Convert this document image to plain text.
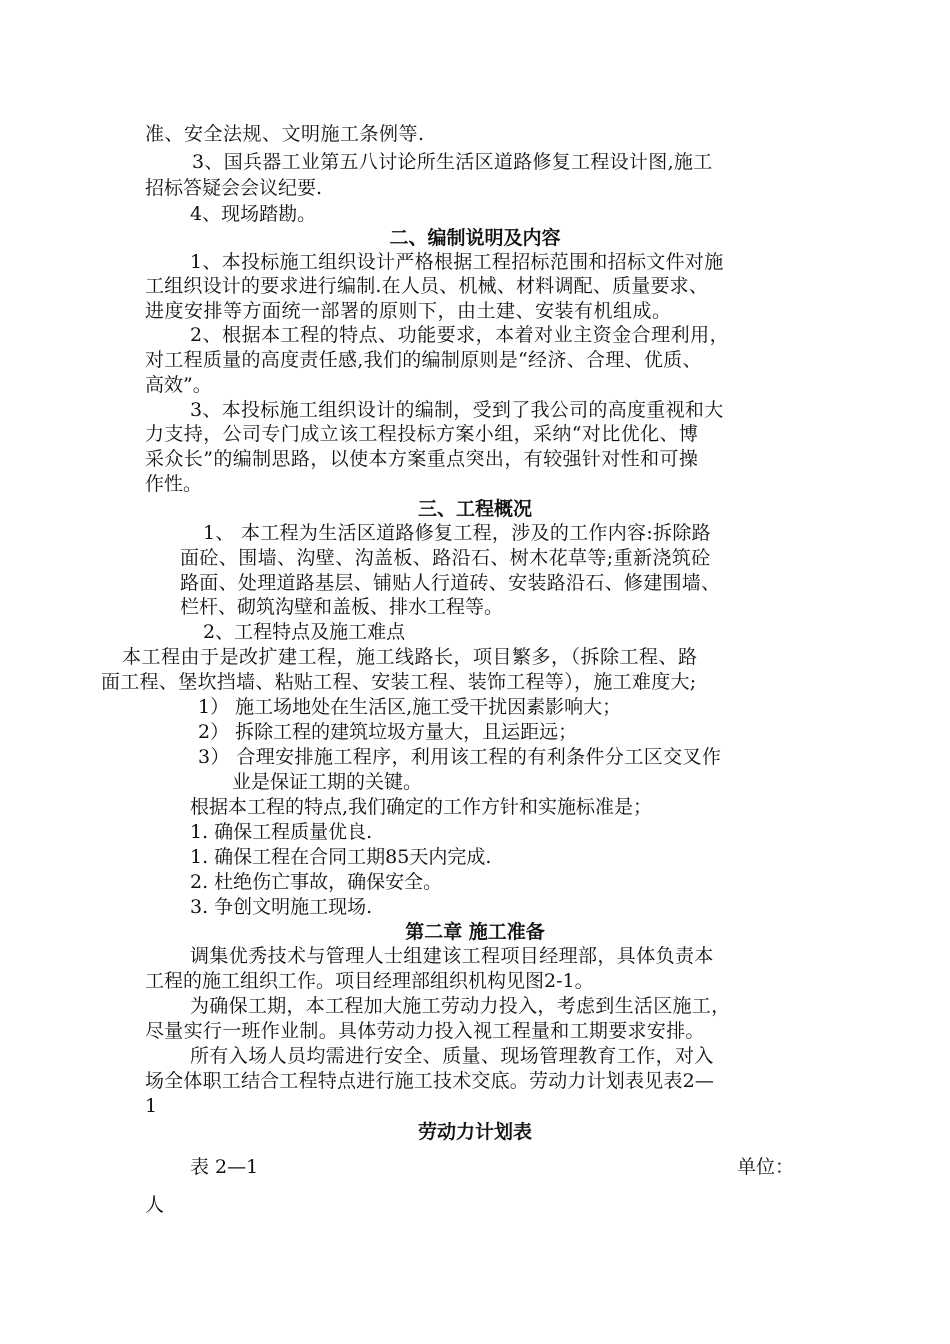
准、安全法规、文明施工条例等.
3、国兵器工业第五八讨论所生活区道路修复工程设计图,施工
招标答疑会会议纪要.
4、现场踏勘。
二、编制说明及内容
1、本投标施工组织设计严格根据工程招标范围和招标文件对施
工组织设计的要求进行编制.在人员、机械、材料调配、质量要求、
进度安排等方面统一部署的原则下，由土建、安装有机组成。
2、根据本工程的特点、功能要求，本着对业主资金合理利用，
对工程质量的高度责任感,我们的编制原则是“经济、合理、优质、
高效”。
3、本投标施工组织设计的编制，受到了我公司的高度重视和大
力支持，公司专门成立该工程投标方案小组，采纳“对比优化、博
采众长”的编制思路，以使本方案重点突出，有较强针对性和可操
作性。
三、工程概况
1、 本工程为生活区道路修复工程，涉及的工作内容:拆除路
面砼、围墙、沟壁、沟盖板、路沿石、树木花草等;重新浇筑砼
路面、处理道路基层、铺贴人行道砖、安装路沿石、修建围墙、
栏杆、砌筑沟壁和盖板、排水工程等。
2、工程特点及施工难点
本工程由于是改扩建工程，施工线路长，项目繁多，（拆除工程、路
面工程、堡坎挡墙、粘贴工程、安装工程、装饰工程等），施工难度大;
1） 施工场地处在生活区,施工受干扰因素影响大；
2） 拆除工程的建筑垃圾方量大，且运距远；
3） 合理安排施工程序，利用该工程的有利条件分工区交叉作
业是保证工期的关键。
根据本工程的特点,我们确定的工作方针和实施标准是；
1. 确保工程质量优良.
1. 确保工程在合同工期85天内完成.
2. 杜绝伤亡事故，确保安全。
3. 争创文明施工现场.
第二章 施工准备
调集优秀技术与管理人士组建该工程项目经理部，具体负责本
工程的施工组织工作。项目经理部组织机构见图2-1。
为确保工期，本工程加大施工劳动力投入，考虑到生活区施工，
尽量实行一班作业制。具体劳动力投入视工程量和工期要求安排。
所有入场人员均需进行安全、质量、现场管理教育工作，对入
场全体职工结合工程特点进行施工技术交底。劳动力计划表见表2—
1
劳动力计划表
表 2—1	单位：
人
